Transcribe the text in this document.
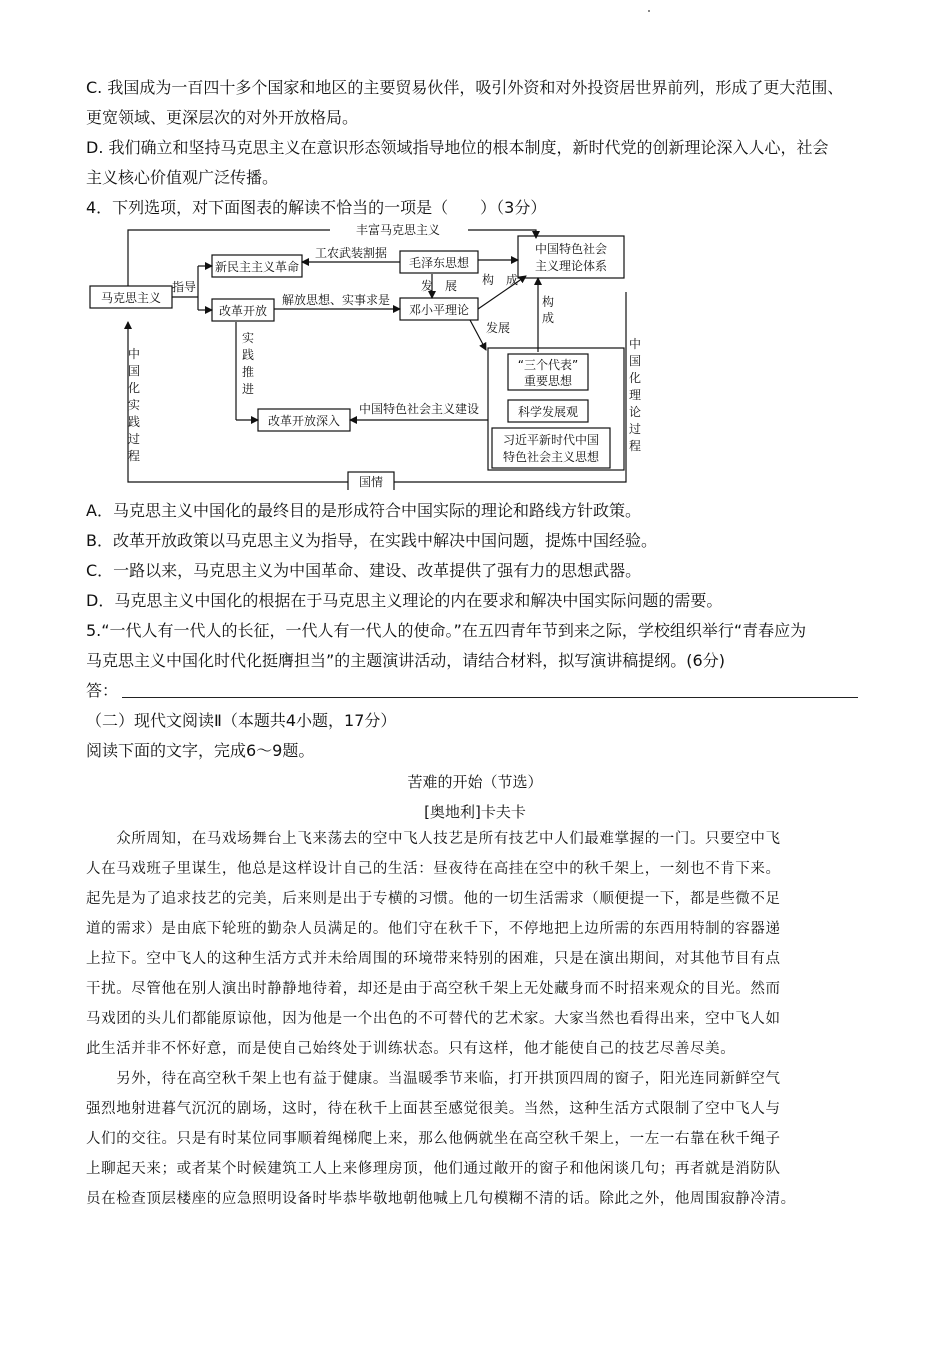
C. 我国成为一百四十多个国家和地区的主要贸易伙伴，吸引外资和对外投资居世界前列，形成了更大范围、
更宽领域、更深层次的对外开放格局。
D. 我们确立和坚持马克思主义在意识形态领域指导地位的根本制度，新时代党的创新理论深入人心，社会
主义核心价值观广泛传播。
4．下列选项，对下面图表的解读不恰当的一项是（　　）（3分）
丰富马克思主义
马克思主义
指导
新民主主义革命
工农武装割据
毛泽东思想
发　展 构　成
中国特色社会
主义理论体系
改革开放
解放思想、实事求是
邓小平理论
发展
构
成
“三个代表”
重要思想
科学发展观
习近平新时代中国
特色社会主义思想
实
践
推
进
改革开放深入
中国特色社会主义建设
中
国
化
实
践
过
程
中
国
化
理
论
过
程
国情
A．马克思主义中国化的最终目的是形成符合中国实际的理论和路线方针政策。
B．改革开放政策以马克思主义为指导，在实践中解决中国问题，提炼中国经验。
C．一路以来，马克思主义为中国革命、建设、改革提供了强有力的思想武器。
D．马克思主义中国化的根据在于马克思主义理论的内在要求和解决中国实际问题的需要。
5.“一代人有一代人的长征，一代人有一代人的使命。”在五四青年节到来之际，学校组织举行“青春应为
马克思主义中国化时代化挺膺担当”的主题演讲活动，请结合材料，拟写演讲稿提纲。(6分)
答：
（二）现代文阅读Ⅱ（本题共4小题，17分）
阅读下面的文字，完成6～9题。
苦难的开始（节选）
[奥地利]卡夫卡
　　众所周知，在马戏场舞台上飞来荡去的空中飞人技艺是所有技艺中人们最难掌握的一门。只要空中飞
人在马戏班子里谋生，他总是这样设计自己的生活：昼夜待在高挂在空中的秋千架上，一刻也不肯下来。
起先是为了追求技艺的完美，后来则是出于专横的习惯。他的一切生活需求（顺便提一下，都是些微不足
道的需求）是由底下轮班的勤杂人员满足的。他们守在秋千下，不停地把上边所需的东西用特制的容器递
上拉下。空中飞人的这种生活方式并未给周围的环境带来特别的困难，只是在演出期间，对其他节目有点
干扰。尽管他在别人演出时静静地待着，却还是由于高空秋千架上无处藏身而不时招来观众的目光。然而
马戏团的头儿们都能原谅他，因为他是一个出色的不可替代的艺术家。大家当然也看得出来，空中飞人如
此生活并非不怀好意，而是使自己始终处于训练状态。只有这样，他才能使自己的技艺尽善尽美。
　　另外，待在高空秋千架上也有益于健康。当温暖季节来临，打开拱顶四周的窗子，阳光连同新鲜空气
强烈地射进暮气沉沉的剧场，这时，待在秋千上面甚至感觉很美。当然，这种生活方式限制了空中飞人与
人们的交往。只是有时某位同事顺着绳梯爬上来，那么他俩就坐在高空秋千架上，一左一右靠在秋千绳子
上聊起天来；或者某个时候建筑工人上来修理房顶，他们通过敞开的窗子和他闲谈几句；再者就是消防队
员在检查顶层楼座的应急照明设备时毕恭毕敬地朝他喊上几句模糊不清的话。除此之外，他周围寂静冷清。
